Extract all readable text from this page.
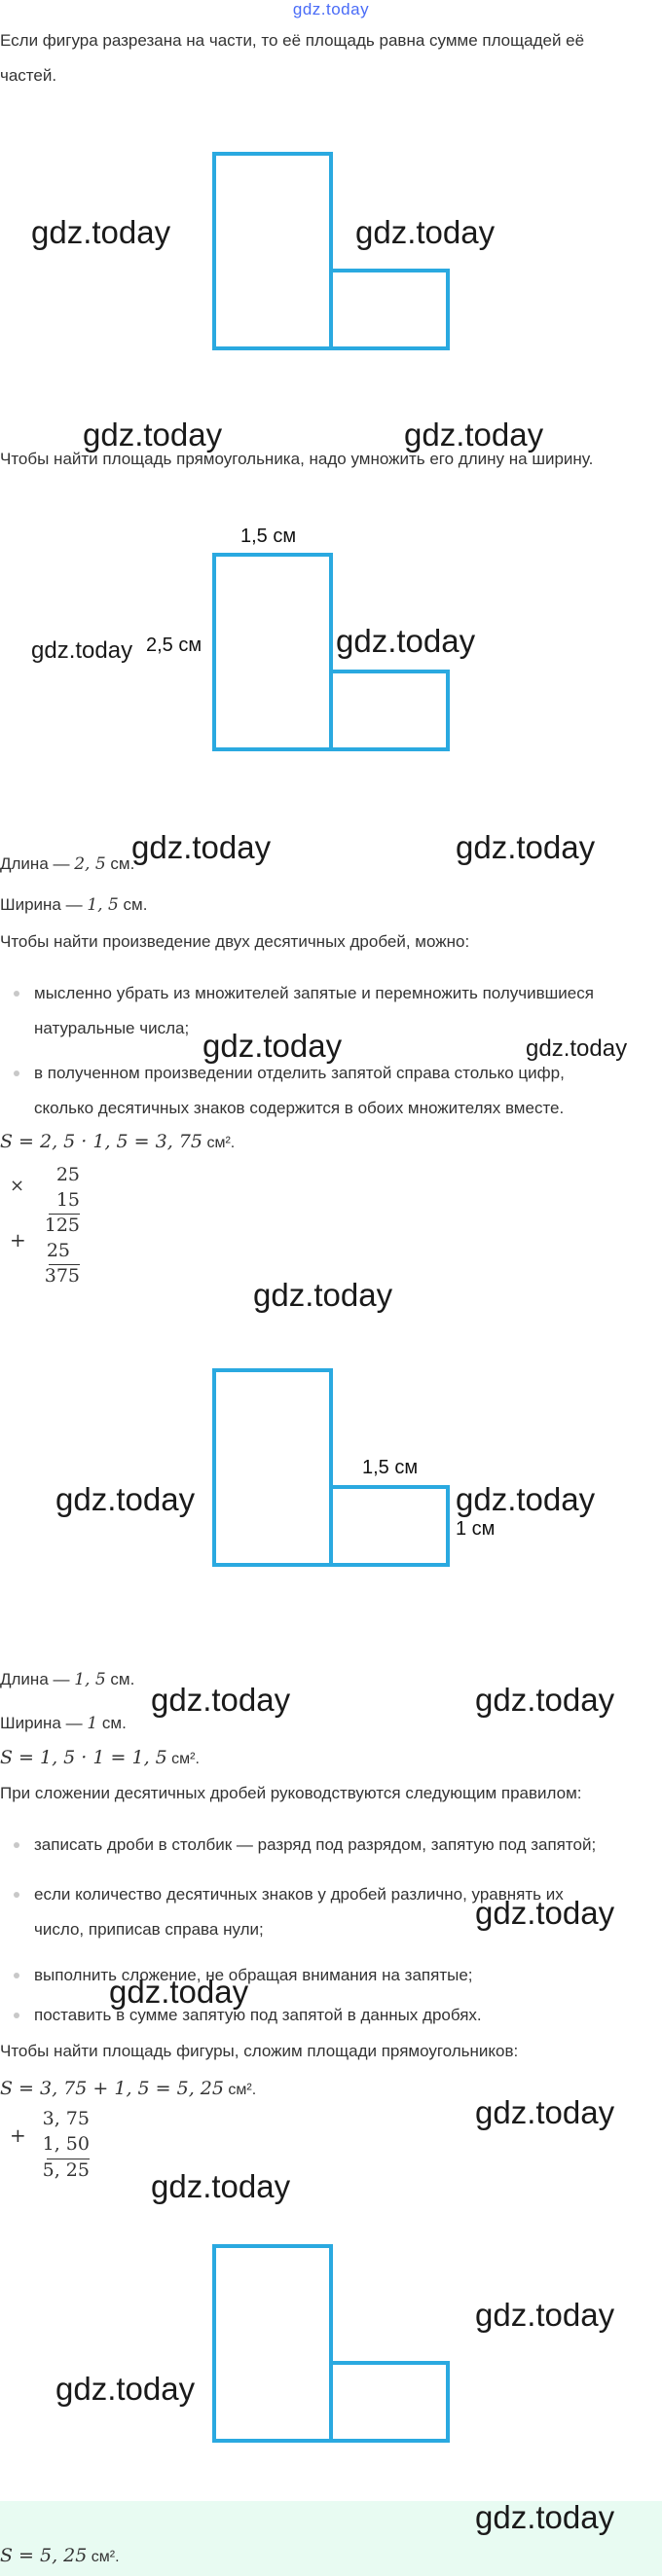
gdz.today
Если фигура разрезана на части, то её площадь равна сумме площадей её
частей.
gdz.today	gdz.today
gdz.today	gdz.today
Чтобы найти площадь прямоугольника, надо умножить его длину на ширину.
1,5 см
2,5 см
gdz.today	gdz.today
Длина — 2, 5 см.
gdz.today	gdz.today
Ширина — 1, 5 см.
Чтобы найти произведение двух десятичных дробей, можно:
мысленно убрать из множителей запятые и перемножить получившиеся
натуральные числа; gdz.today	gdz.today
в полученном произведении отделить запятой справа столько цифр,
сколько десятичных знаков содержится в обоих множителях вместе.
S = 2, 5 · 1, 5 = 3, 75 см².
×
+
25
15
125
25
375
gdz.today
1,5 см
1 см
gdz.today	gdz.today
Длина — 1, 5 см.
gdz.today	gdz.today
Ширина — 1 см.
S = 1, 5 · 1 = 1, 5 см².
При сложении десятичных дробей руководствуются следующим правилом:
записать дроби в столбик — разряд под разрядом, запятую под запятой;
если количество десятичных знаков у дробей различно, уравнять их
число, приписав справа нули;	gdz.today
выполнить сложение, не обращая внимания на запятые;
gdz.today
поставить в сумме запятую под запятой в данных дробях.
Чтобы найти площадь фигуры, сложим площади прямоугольников:
S = 3, 75 + 1, 5 = 5, 25 см².
gdz.today
+
3, 75
1, 50
5, 25 gdz.today
gdz.today
gdz.today
gdz.today
S = 5, 25 см².
